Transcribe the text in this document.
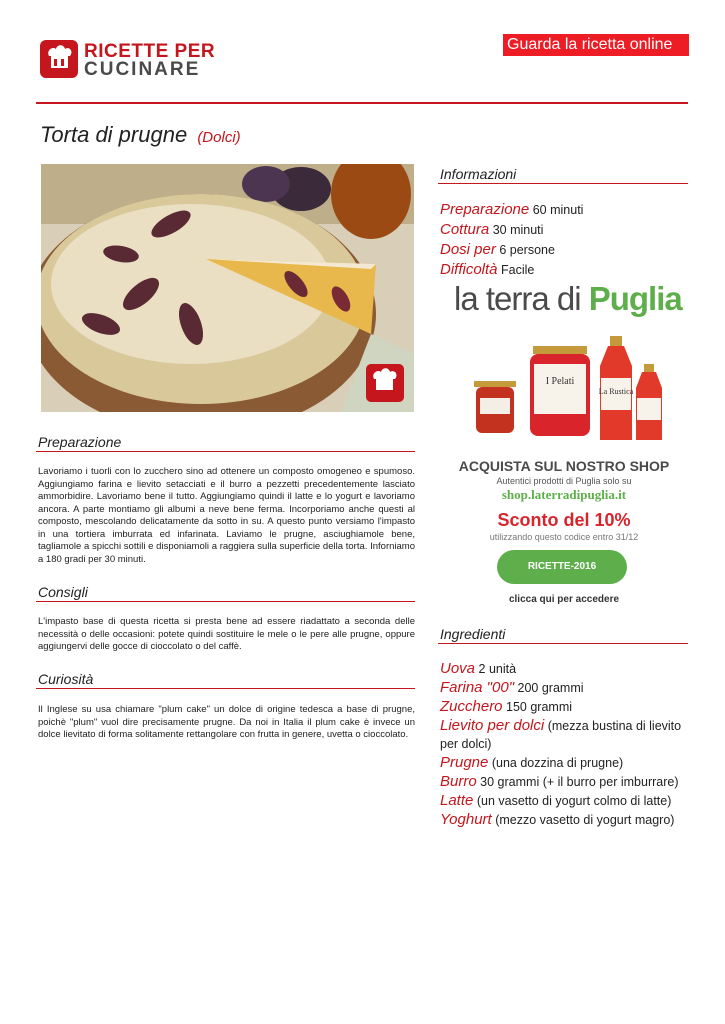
RICETTE PER
CUCINARE
Guarda la ricetta online
Torta di prugne (Dolci)
Preparazione
Lavoriamo i tuorli con lo zucchero sino ad ottenere un composto omogeneo e spumoso. Aggiungiamo farina e lievito setacciati e il burro a pezzetti precedentemente lasciato ammorbidire. Lavoriamo bene il tutto. Aggiungiamo quindi il latte e lo yogurt e lavoriamo ancora. A parte montiamo gli albumi a neve bene ferma. Incorporiamo anche questi al composto, mescolando delicatamente da sotto in su. A questo punto versiamo l'impasto in una tortiera imburrata ed infarinata. Laviamo le prugne, asciughiamole bene, tagliamole a spicchi sottili e disponiamoli a raggiera sulla superficie della torta. Inforniamo a 180 gradi per 30 minuti.
Consigli
L'impasto base di questa ricetta si presta bene ad essere riadattato a seconda delle necessità o delle occasioni: potete quindi sostituire le mele o le pere alle prugne, oppure aggiungervi delle gocce di cioccolato o del caffè.
Curiosità
Il Inglese su usa chiamare "plum cake" un dolce di origine tedesca a base di prugne, poichè "plum" vuol dire precisamente prugne. Da noi in Italia il plum cake è invece un dolce lievitato di forma solitamente rettangolare con frutta in genere, uvetta o cioccolato.
Informazioni
Preparazione 60 minuti
Cottura 30 minuti
Dosi per 6 persone
Difficoltà Facile
la terra di Puglia
I Pelati
La Rustica
ACQUISTA SUL NOSTRO SHOP
Autentici prodotti di Puglia solo su
shop.laterradipuglia.it
Sconto del 10%
utilizzando questo codice entro 31/12
RICETTE-2016
clicca qui per accedere
Ingredienti
Uova 2 unità
Farina "00" 200 grammi
Zucchero 150 grammi
Lievito per dolci (mezza bustina di lievito per dolci)
Prugne (una dozzina di prugne)
Burro 30 grammi (+ il burro per imburrare)
Latte (un vasetto di yogurt colmo di latte)
Yoghurt (mezzo vasetto di yogurt magro)
